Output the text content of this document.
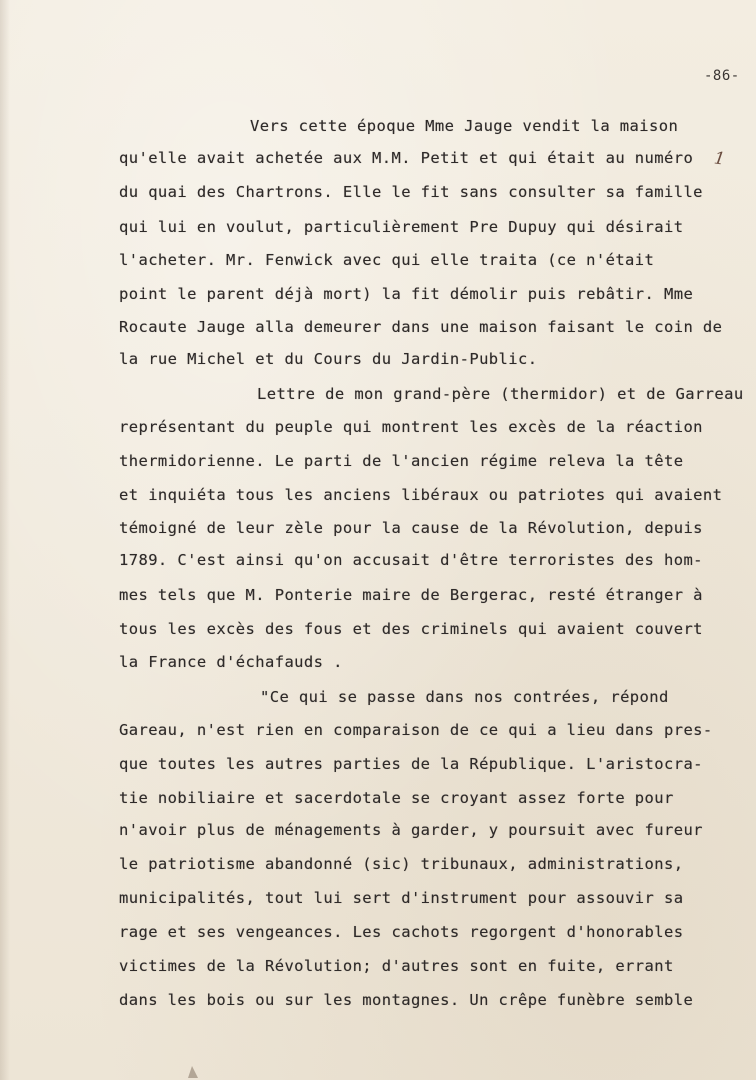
-86-
Vers cette époque Mme Jauge vendit la maison
qu'elle avait achetée aux M.M. Petit et qui était au numéro 1
du quai des Chartrons. Elle le fit sans consulter sa famille
qui lui en voulut, particulièrement Pre Dupuy qui désirait
l'acheter. Mr. Fenwick avec qui elle traita (ce n'était
point le parent déjà mort) la fit démolir puis rebâtir. Mme
Rocaute Jauge alla demeurer dans une maison faisant le coin de
la rue Michel et du Cours du Jardin-Public.
Lettre de mon grand-père (thermidor) et de Garreau
représentant du peuple qui montrent les excès de la réaction
thermidorienne. Le parti de l'ancien régime releva la tête
et inquiéta tous les anciens libéraux ou patriotes qui avaient
témoigné de leur zèle pour la cause de la Révolution, depuis
1789. C'est ainsi qu'on accusait d'être terroristes des hom-
mes tels que M. Ponterie maire de Bergerac, resté étranger à
tous les excès des fous et des criminels qui avaient couvert
la France d'échafauds .
"Ce qui se passe dans nos contrées, répond
Gareau, n'est rien en comparaison de ce qui a lieu dans pres-
que toutes les autres parties de la République. L'aristocra-
tie nobiliaire et sacerdotale se croyant assez forte pour
n'avoir plus de ménagements à garder, y poursuit avec fureur
le patriotisme abandonné (sic) tribunaux, administrations,
municipalités, tout lui sert d'instrument pour assouvir sa
rage et ses vengeances. Les cachots regorgent d'honorables
victimes de la Révolution; d'autres sont en fuite, errant
dans les bois ou sur les montagnes. Un crêpe funèbre semble
